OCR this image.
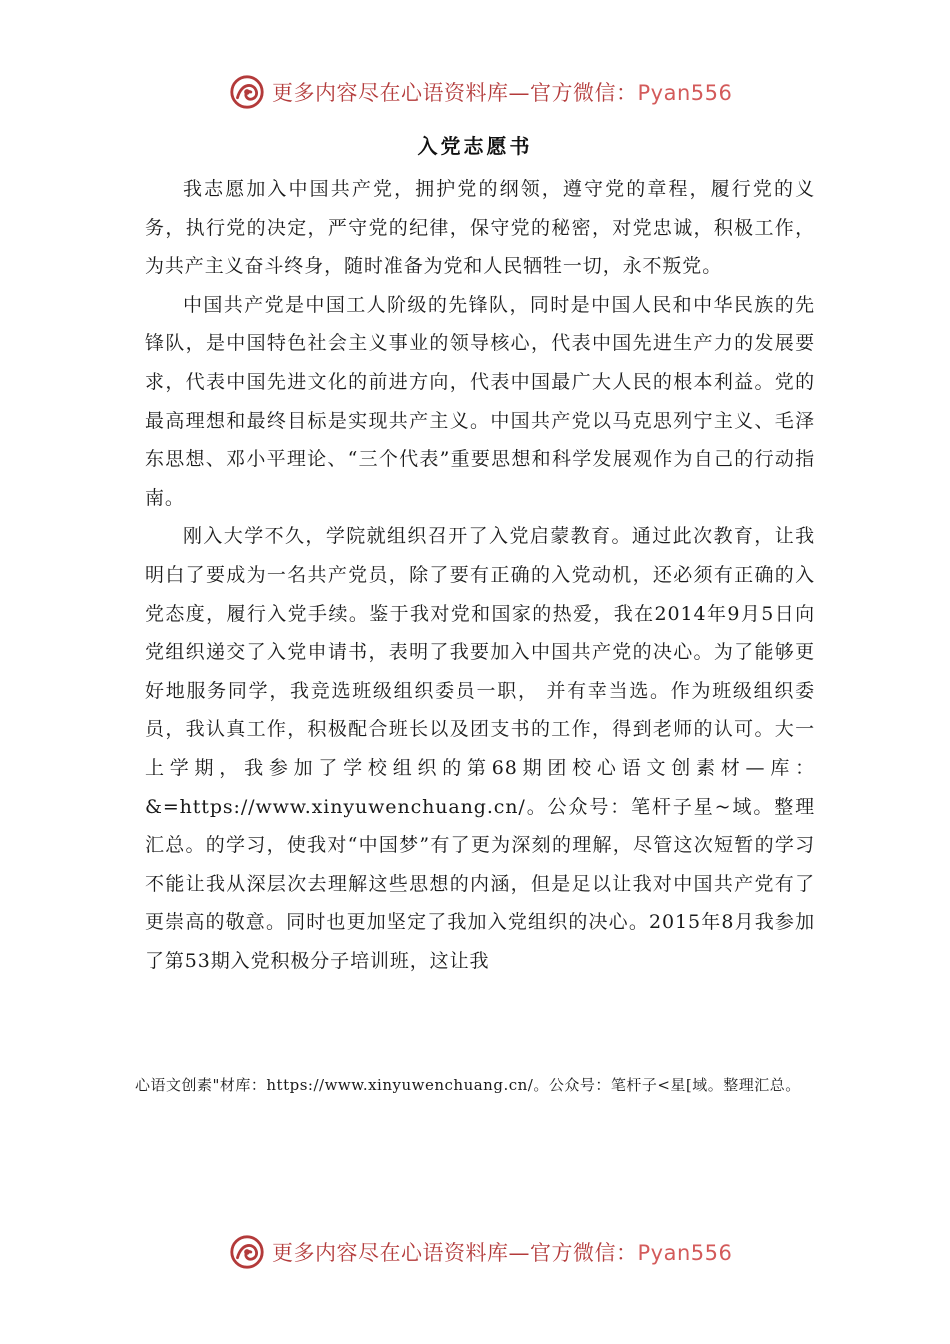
更多内容尽在心语资料库—官方微信：Pyan556
入党志愿书

我志愿加入中国共产党，拥护党的纲领，遵守党的章程，履行党的义务，执行党的决定，严守党的纪律，保守党的秘密，对党忠诚，积极工作，为共产主义奋斗终身，随时准备为党和人民牺牲一切，永不叛党。

中国共产党是中国工人阶级的先锋队，同时是中国人民和中华民族的先锋队，是中国特色社会主义事业的领导核心，代表中国先进生产力的发展要求，代表中国先进文化的前进方向，代表中国最广大人民的根本利益。党的最高理想和最终目标是实现共产主义。中国共产党以马克思列宁主义、毛泽东思想、邓小平理论、“三个代表”重要思想和科学发展观作为自己的行动指南。

刚入大学不久，学院就组织召开了入党启蒙教育。通过此次教育，让我明白了要成为一名共产党员，除了要有正确的入党动机，还必须有正确的入党态度，履行入党手续。鉴于我对党和国家的热爱，我在2014年9月5日向党组织递交了入党申请书，表明了我要加入中国共产党的决心。为了能够更好地服务同学，我竞选班级组织委员一职， 并有幸当选。作为班级组织委员，我认真工作，积极配合班长以及团支书的工作，得到老师的认可。大一上学期，我参加了学校组织的第68期团校心语文创素材—库：&=https://www.xinyuwenchuang.cn/。公众号：笔杆子星~域。整理汇总。的学习，使我对“中国梦”有了更为深刻的理解，尽管这次短暂的学习不能让我从深层次去理解这些思想的内涵，但是足以让我对中国共产党有了更崇高的敬意。同时也更加坚定了我加入党组织的决心。2015年8月我参加了第53期入党积极分子培训班，这让我

心语文创素"材库：https://www.xinyuwenchuang.cn/。公众号：笔杆子<星[域。整理汇总。
更多内容尽在心语资料库—官方微信：Pyan556
